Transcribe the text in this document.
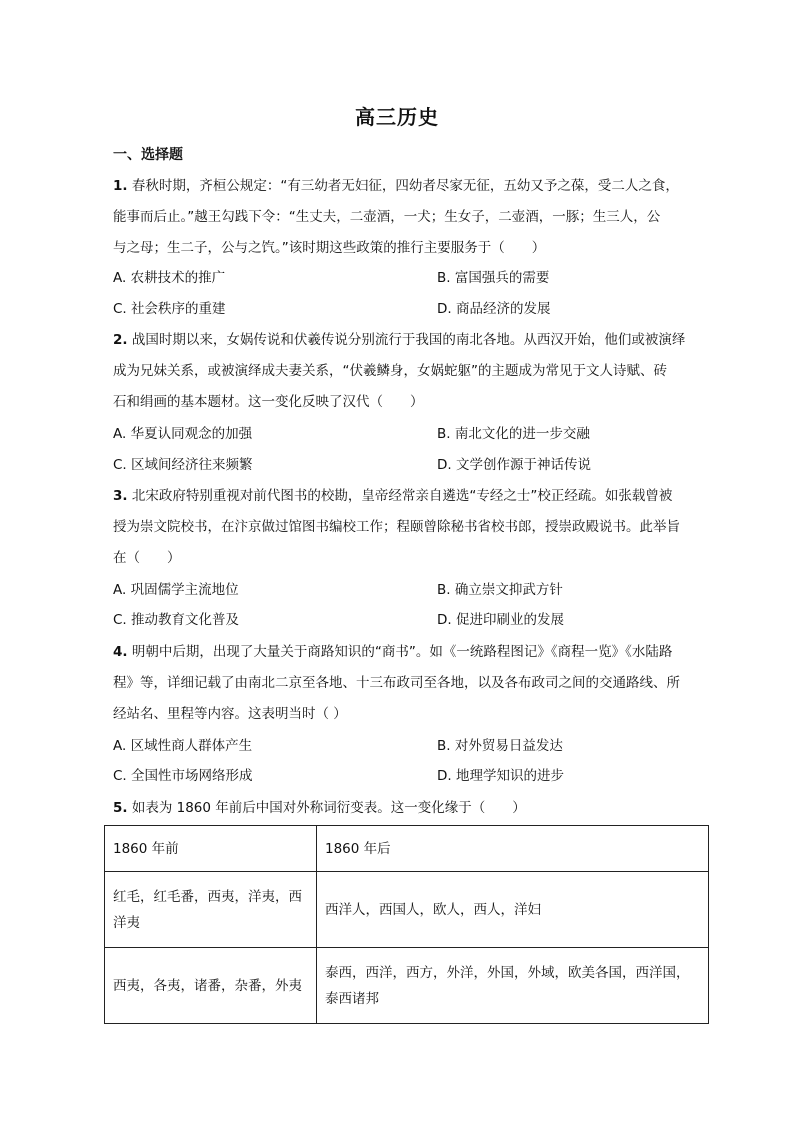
高三历史
一、选择题
1. 春秋时期，齐桓公规定：“有三幼者无妇征，四幼者尽家无征，五幼又予之葆，受二人之食，
能事而后止。”越王勾践下令：“生丈夫，二壶酒，一犬；生女子，二壶酒，一豚；生三人，公
与之母；生二子，公与之饩。”该时期这些政策的推行主要服务于（　　）
A. 农耕技术的推广	B. 富国强兵的需要
C. 社会秩序的重建	D. 商品经济的发展
2. 战国时期以来，女娲传说和伏羲传说分别流行于我国的南北各地。从西汉开始，他们或被演绎
成为兄妹关系，或被演绎成夫妻关系，“伏羲鳞身，女娲蛇躯”的主题成为常见于文人诗赋、砖
石和绢画的基本题材。这一变化反映了汉代（　　）
A. 华夏认同观念的加强	B. 南北文化的进一步交融
C. 区域间经济往来频繁	D. 文学创作源于神话传说
3. 北宋政府特别重视对前代图书的校勘，皇帝经常亲自遴选“专经之士”校正经疏。如张载曾被
授为崇文院校书，在汴京做过馆图书编校工作；程颐曾除秘书省校书郎，授崇政殿说书。此举旨
在（　　）
A. 巩固儒学主流地位	B. 确立崇文抑武方针
C. 推动教育文化普及	D. 促进印刷业的发展
4. 明朝中后期，出现了大量关于商路知识的“商书”。如《一统路程图记》《商程一览》《水陆路
程》等，详细记载了由南北二京至各地、十三布政司至各地，以及各布政司之间的交通路线、所
经站名、里程等内容。这表明当时（ ）
A. 区域性商人群体产生	B. 对外贸易日益发达
C. 全国性市场网络形成	D. 地理学知识的进步
5. 如表为 1860 年前后中国对外称词衍变表。这一变化缘于（　　）
1860 年前	1860 年后
红毛，红毛番，西夷，洋夷，西
洋夷	西洋人，西国人，欧人，西人，洋妇
西夷，各夷，诸番，杂番，外夷	泰西，西洋，西方，外洋，外国，外域，欧美各国，西洋国，
泰西诸邦
